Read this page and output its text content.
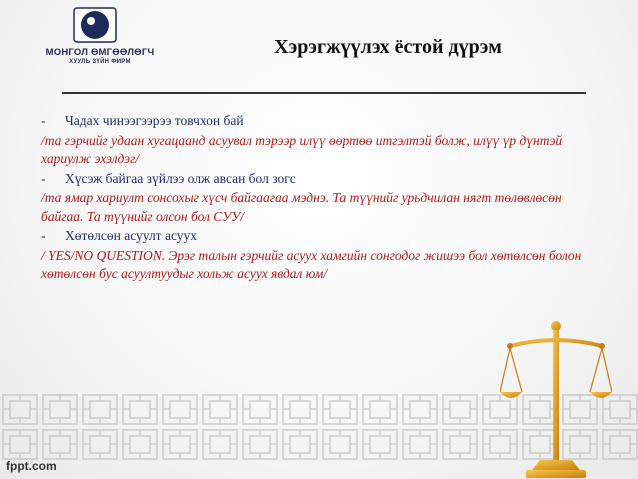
МОНГОЛ ӨМГӨӨЛӨГЧ
ХУУЛЬ ЗҮЙН ФИРМ
Хэрэгжүүлэх ёстой дүрэм
- Чадах чинээгээрээ товчхон бай
/та гэрчийг удаан хугацаанд асуувал тэрээр илүү өөртөө итгэлтэй болж, илүү үр дүнтэй хариулж эхэлдэг/
- Хүсэж байгаа зүйлээ олж авсан бол зогс
/та ямар хариулт сонсохыг хүсч байгаагаа мэднэ. Та түүнийг урьдчилан нягт төлөвлөсөн байгаа. Та түүнийг олсон бол СУУ/
- Хөтөлсөн асуулт асуух
/ YES/NO QUESTION. Эрэг талын гэрчийг асуух хамгийн сонгодог жишээ бол хөтөлсөн болон хөтөлсөн бус асуултуудыг хольж асуух явдал юм/
fppt.com
